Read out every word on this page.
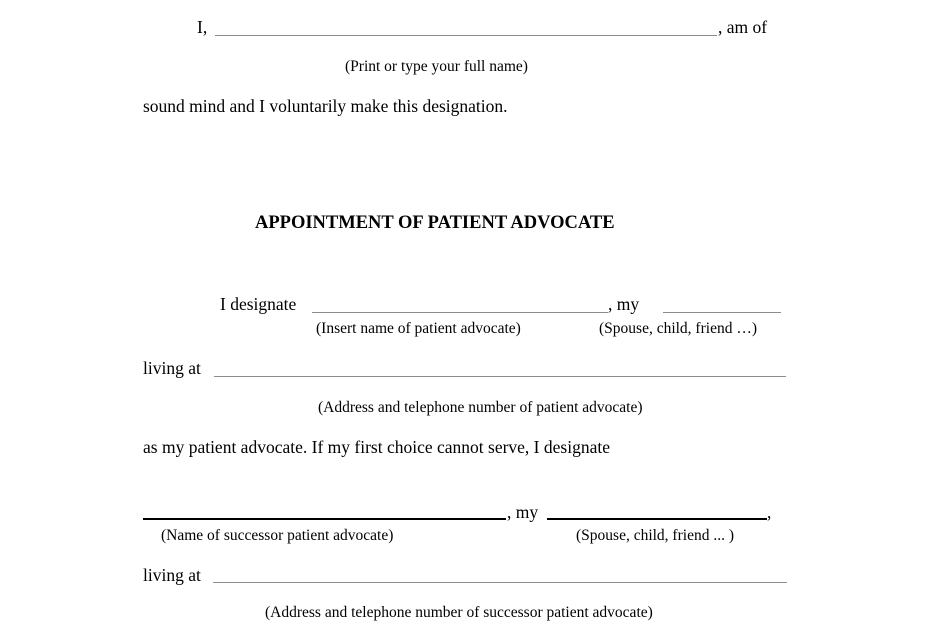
I,	, am of
(Print or type your full name)
sound mind and I voluntarily make this designation.
APPOINTMENT OF PATIENT ADVOCATE
I designate	, my
(Insert name of patient advocate)	(Spouse, child, friend …)
living at
(Address and telephone number of patient advocate)
as my patient advocate. If my first choice cannot serve, I designate
, my	,
(Name of successor patient advocate)	(Spouse, child, friend ... )
living at
(Address and telephone number of successor patient advocate)
